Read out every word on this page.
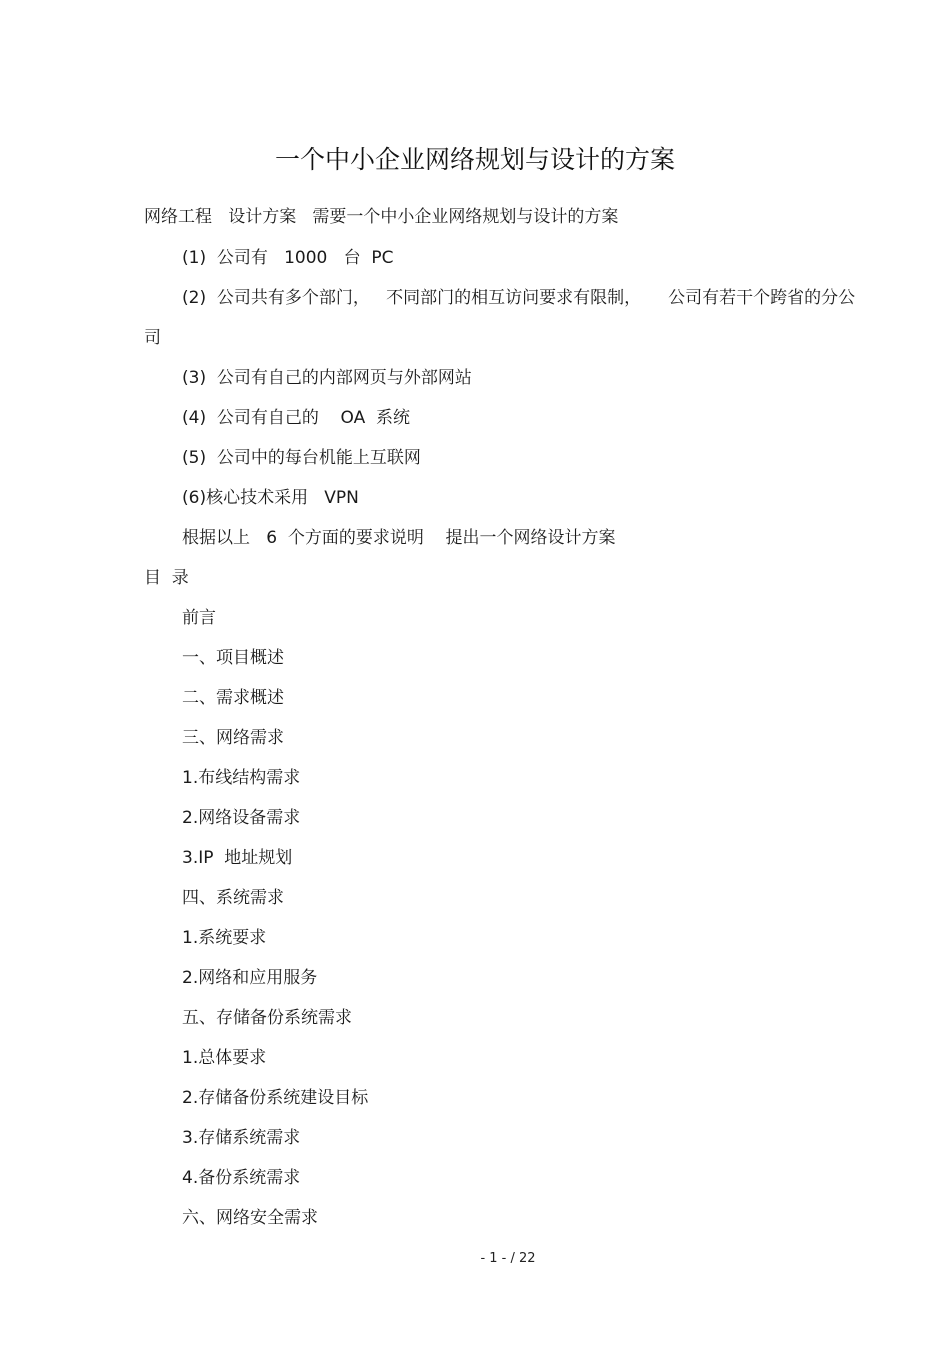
一个中小企业网络规划与设计的方案
网络工程   设计方案   需要一个中小企业网络规划与设计的方案
(1)  公司有   1000   台  PC
(2)  公司共有多个部门，   不同部门的相互访问要求有限制，     公司有若干个跨省的分公
司
(3)  公司有自己的内部网页与外部网站
(4)  公司有自己的    OA  系统
(5)  公司中的每台机能上互联网
(6)核心技术采用   VPN
根据以上   6  个方面的要求说明    提出一个网络设计方案
目  录
前言
一、项目概述
二、需求概述
三、网络需求
1.布线结构需求
2.网络设备需求
3.IP  地址规划
四、系统需求
1.系统要求
2.网络和应用服务
五、存储备份系统需求
1.总体要求
2.存储备份系统建设目标
3.存储系统需求
4.备份系统需求
六、网络安全需求
- 1 - / 22
